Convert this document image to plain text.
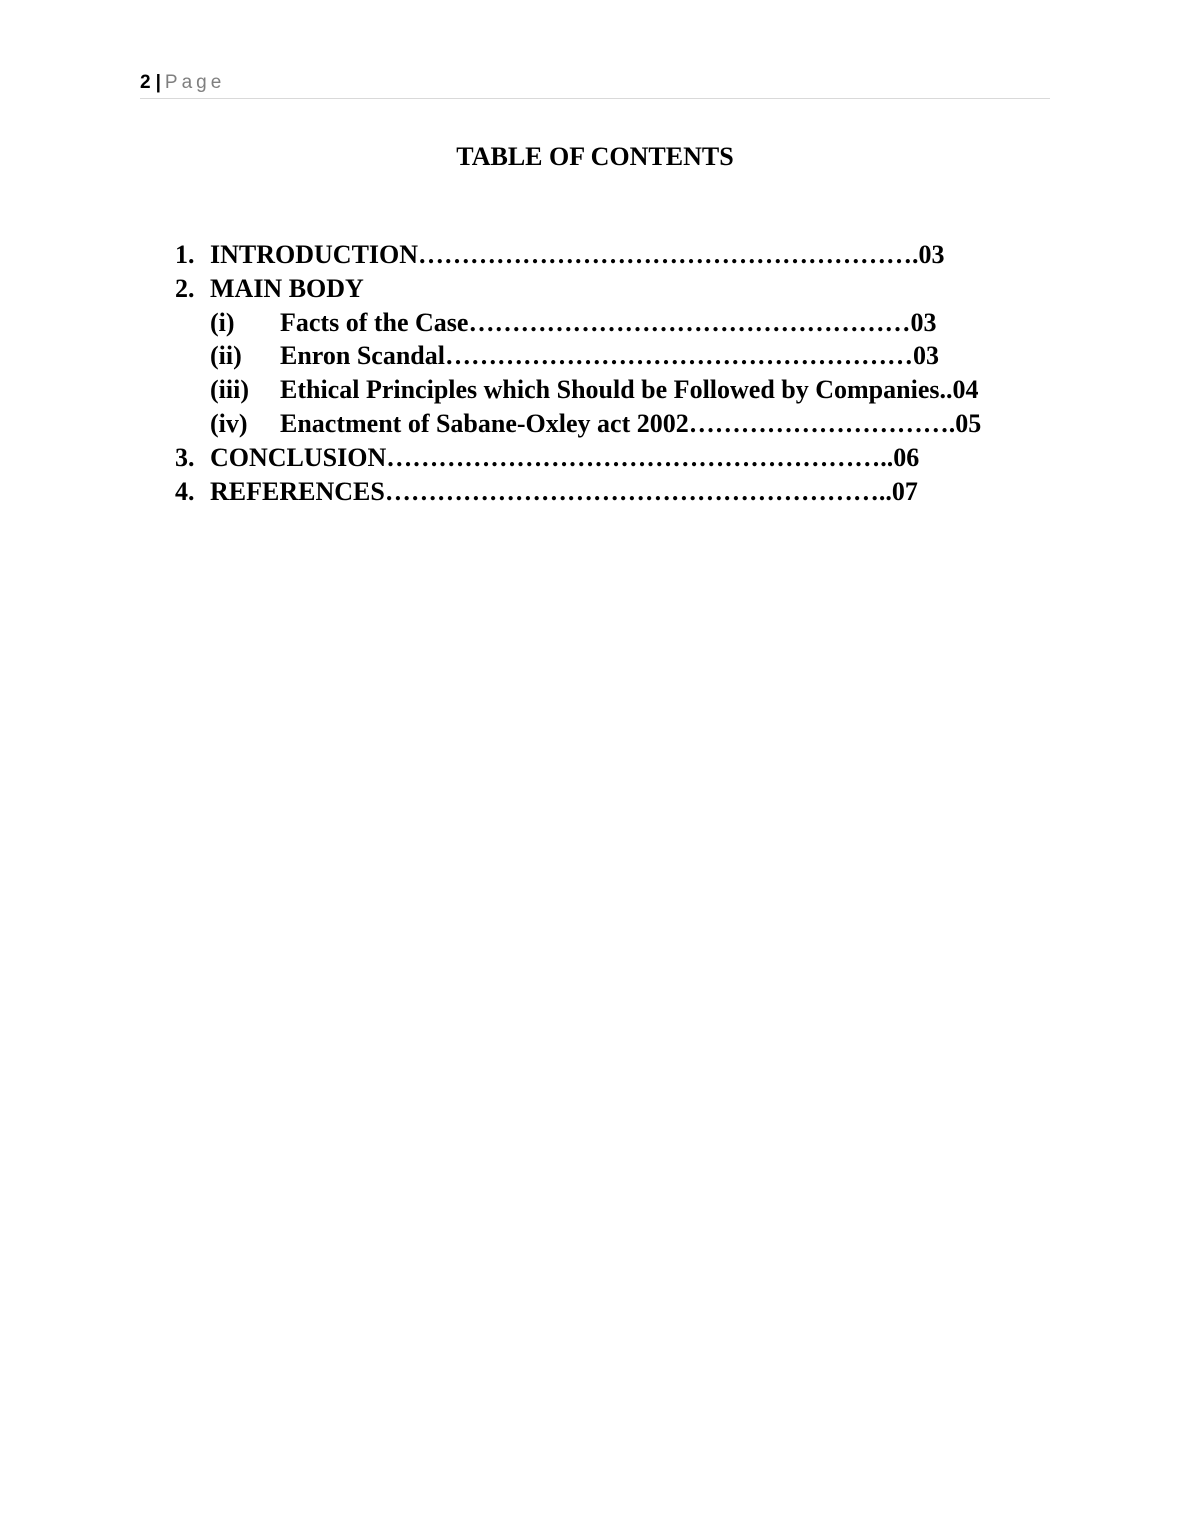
2 | Page
TABLE OF CONTENTS
1. INTRODUCTION………………………………………………….03
2. MAIN BODY
(i) Facts of the Case……………………………………………03
(ii) Enron Scandal………………………………………………03
(iii) Ethical Principles which Should be Followed by Companies..04
(iv) Enactment of Sabane-Oxley act 2002………………………….05
3. CONCLUSION…………………………………………………..06
4. REFERENCES…………………………………………………..07
